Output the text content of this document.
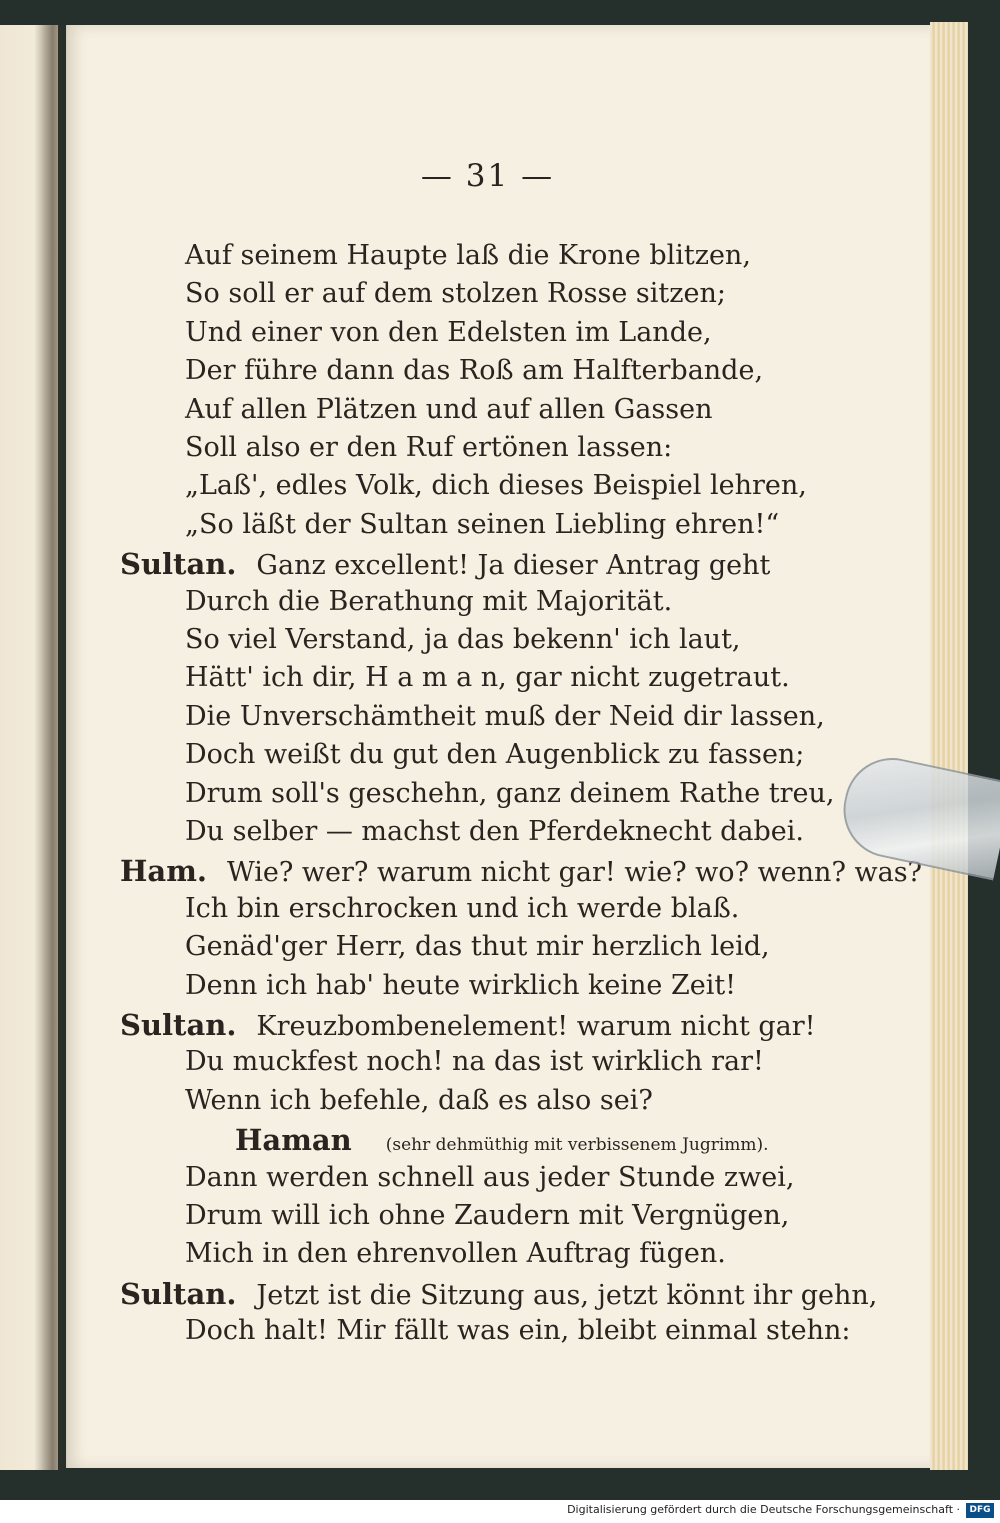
— 31 —
Auf seinem Haupte laß die Krone blitzen,
So soll er auf dem stolzen Rosse sitzen;
Und einer von den Edelsten im Lande,
Der führe dann das Roß am Halfterbande,
Auf allen Plätzen und auf allen Gassen
Soll also er den Ruf ertönen lassen:
„Laß', edles Volk, dich dieses Beispiel lehren,
„So läßt der Sultan seinen Liebling ehren!“
Sultan. Ganz excellent! Ja dieser Antrag geht
Durch die Berathung mit Majorität.
So viel Verstand, ja das bekenn' ich laut,
Hätt' ich dir, H a m a n, gar nicht zugetraut.
Die Unverschämtheit muß der Neid dir lassen,
Doch weißt du gut den Augenblick zu fassen;
Drum soll's geschehn, ganz deinem Rathe treu,
Du selber — machst den Pferdeknecht dabei.
Ham. Wie? wer? warum nicht gar! wie? wo? wenn? was?
Ich bin erschrocken und ich werde blaß.
Genäd'ger Herr, das thut mir herzlich leid,
Denn ich hab' heute wirklich keine Zeit!
Sultan. Kreuzbombenelement! warum nicht gar!
Du muckfest noch! na das ist wirklich rar!
Wenn ich befehle, daß es also sei?
Haman (sehr dehmüthig mit verbissenem Jugrimm).
Dann werden schnell aus jeder Stunde zwei,
Drum will ich ohne Zaudern mit Vergnügen,
Mich in den ehrenvollen Auftrag fügen.
Sultan. Jetzt ist die Sitzung aus, jetzt könnt ihr gehn,
Doch halt! Mir fällt was ein, bleibt einmal stehn:
Digitalisierung gefördert durch die Deutsche Forschungsgemeinschaft ·	DFG
